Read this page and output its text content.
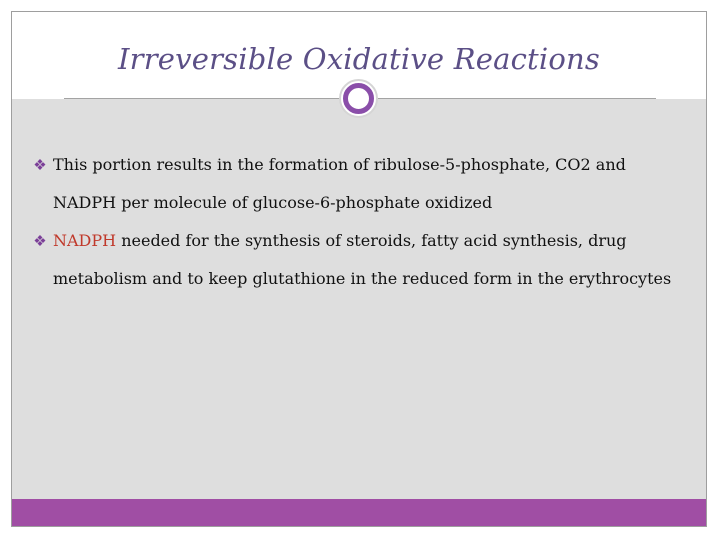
Irreversible Oxidative Reactions
❖ This portion results in the formation of ribulose-5-phosphate, CO2 and NADPH per molecule of glucose-6-phosphate oxidized
❖ NADPH needed for the synthesis of steroids, fatty acid synthesis, drug metabolism and to keep glutathione in the reduced form in the erythrocytes
